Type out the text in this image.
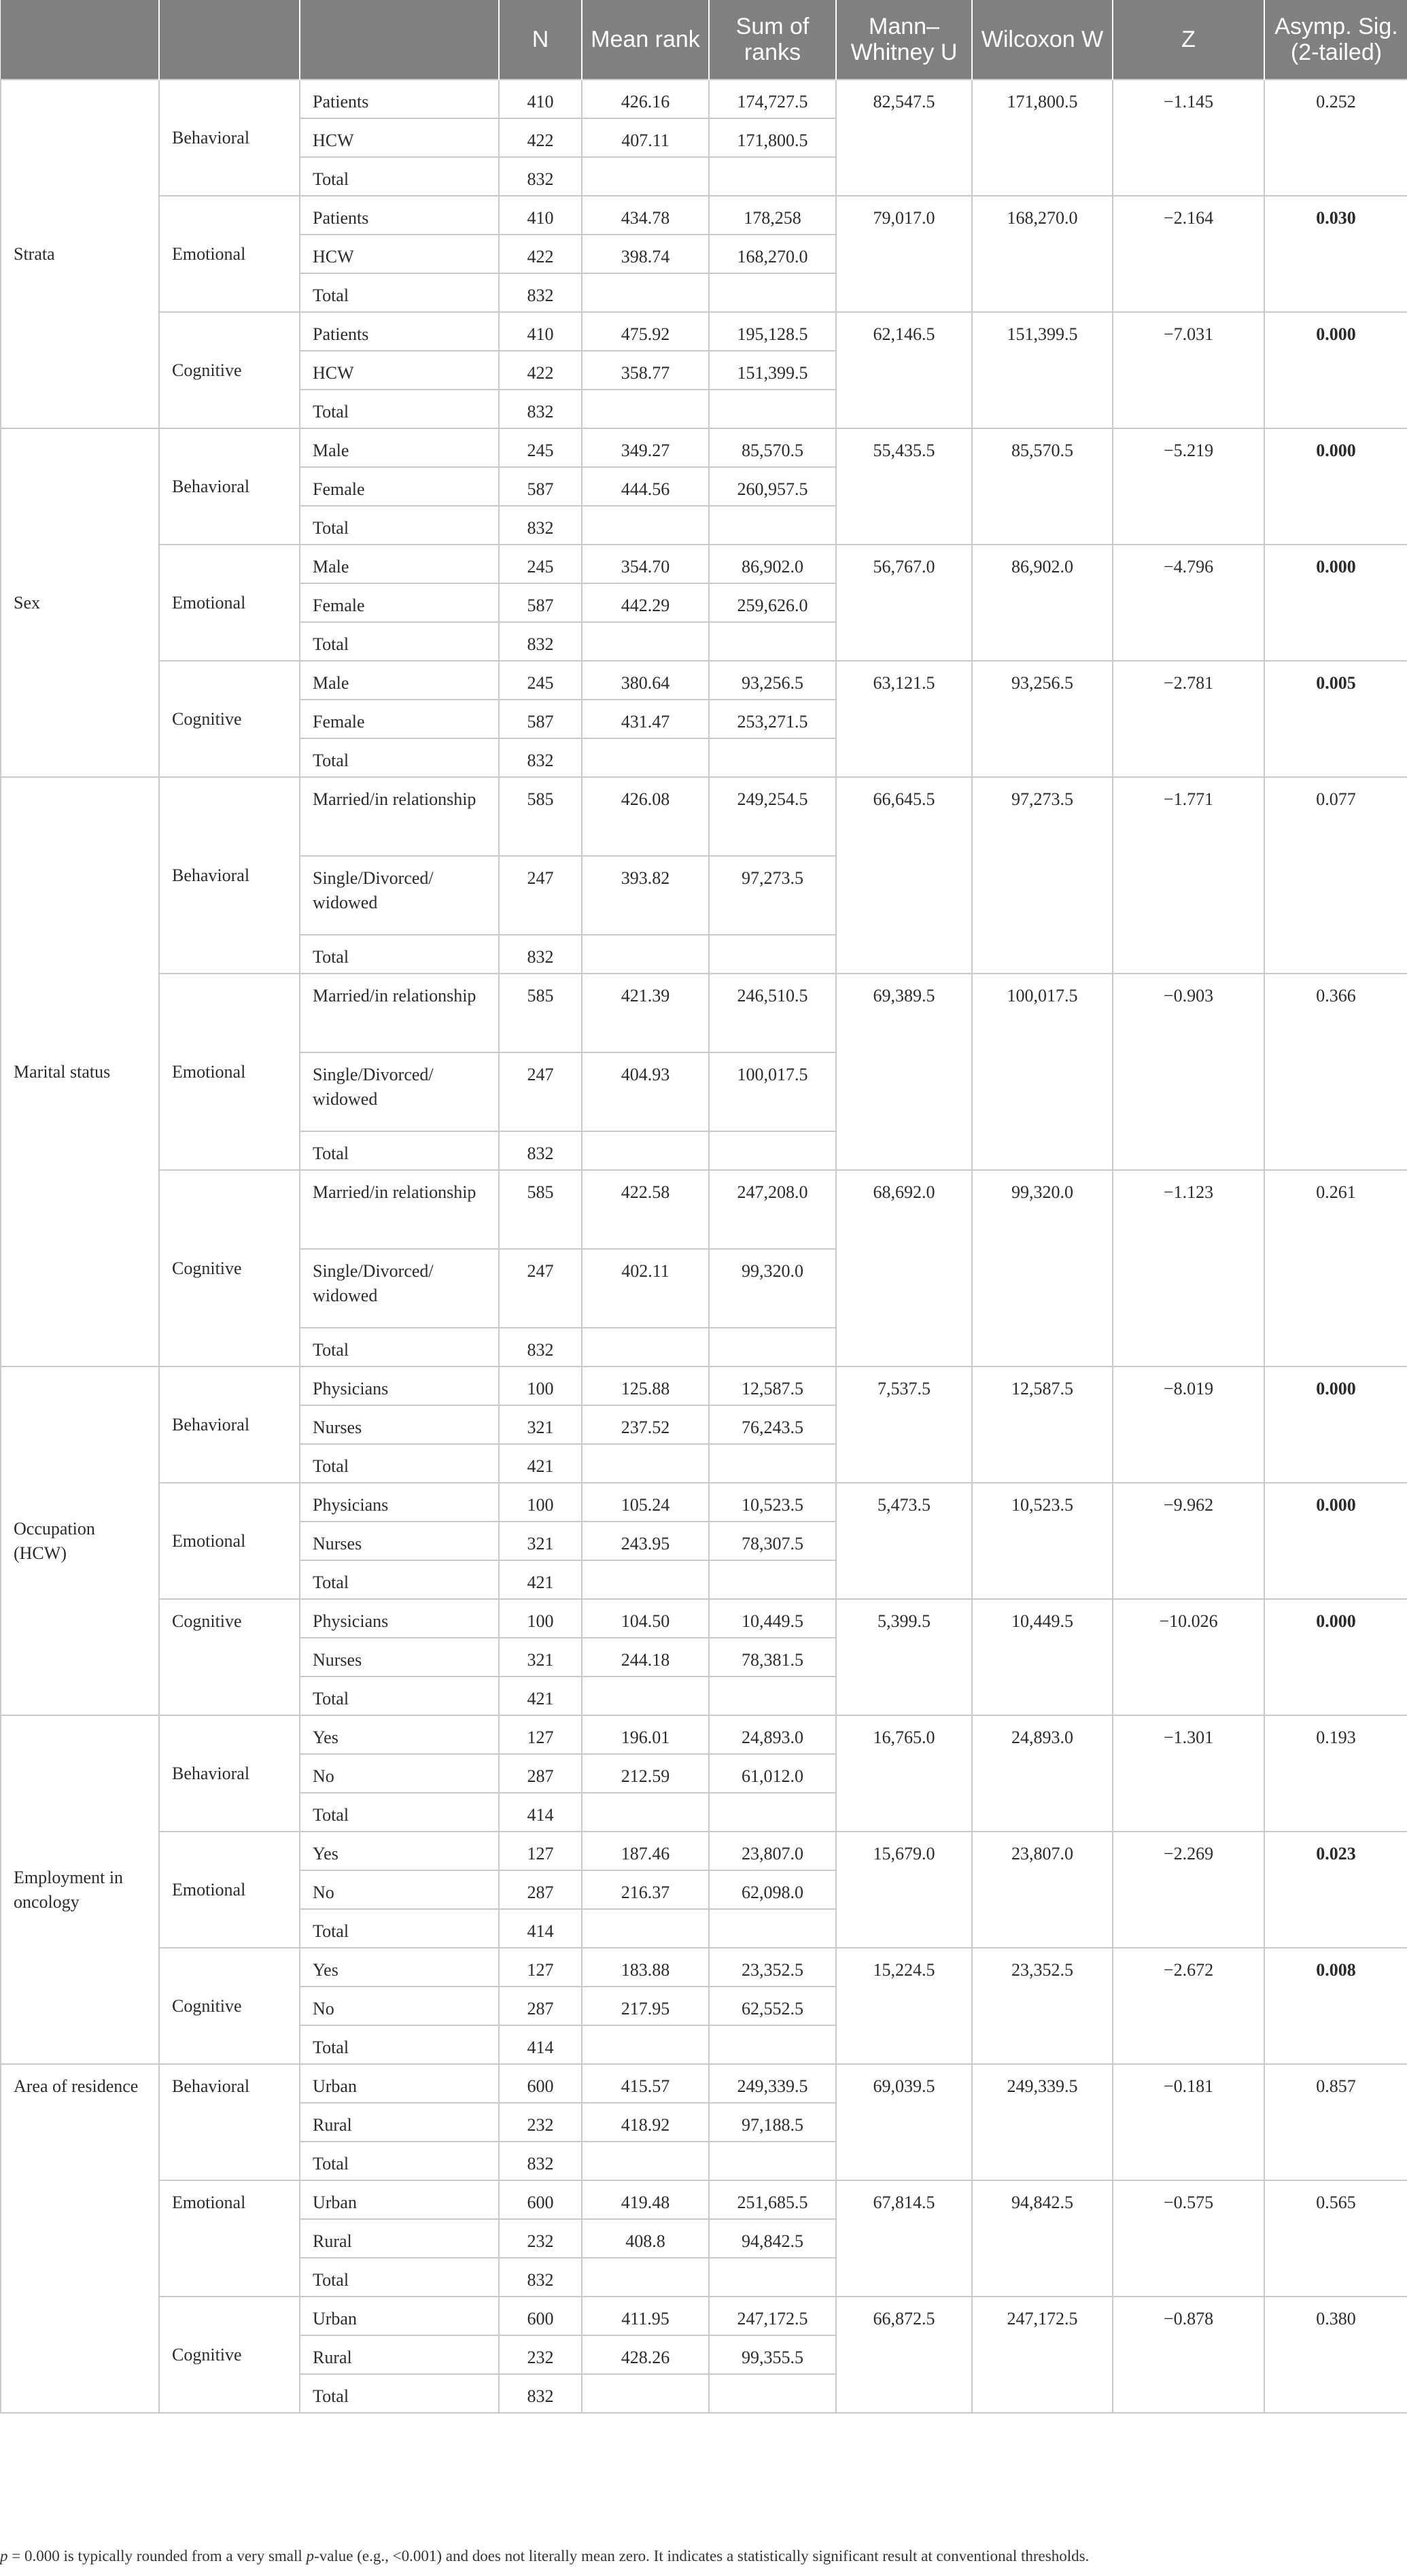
			N	Mean rank	Sum of ranks	Mann–Whitney U	Wilcoxon W	Z	Asymp. Sig. (2-tailed)
Strata	Behavioral	Patients	410	426.16	174,727.5	82,547.5	171,800.5	−1.145	0.252
		HCW	422	407.11	171,800.5				
		Total	832						
	Emotional	Patients	410	434.78	178,258	79,017.0	168,270.0	−2.164	0.030
		HCW	422	398.74	168,270.0				
		Total	832						
	Cognitive	Patients	410	475.92	195,128.5	62,146.5	151,399.5	−7.031	0.000
		HCW	422	358.77	151,399.5				
		Total	832						
Sex	Behavioral	Male	245	349.27	85,570.5	55,435.5	85,570.5	−5.219	0.000
		Female	587	444.56	260,957.5				
		Total	832						
	Emotional	Male	245	354.70	86,902.0	56,767.0	86,902.0	−4.796	0.000
		Female	587	442.29	259,626.0				
		Total	832						
	Cognitive	Male	245	380.64	93,256.5	63,121.5	93,256.5	−2.781	0.005
		Female	587	431.47	253,271.5				
		Total	832						
Marital status	Behavioral	Married/in relationship	585	426.08	249,254.5	66,645.5	97,273.5	−1.771	0.077
		Single/Divorced/ widowed	247	393.82	97,273.5				
		Total	832						
	Emotional	Married/in relationship	585	421.39	246,510.5	69,389.5	100,017.5	−0.903	0.366
		Single/Divorced/ widowed	247	404.93	100,017.5				
		Total	832						
	Cognitive	Married/in relationship	585	422.58	247,208.0	68,692.0	99,320.0	−1.123	0.261
		Single/Divorced/ widowed	247	402.11	99,320.0				
		Total	832						
Occupation (HCW)	Behavioral	Physicians	100	125.88	12,587.5	7,537.5	12,587.5	−8.019	0.000
		Nurses	321	237.52	76,243.5				
		Total	421						
	Emotional	Physicians	100	105.24	10,523.5	5,473.5	10,523.5	−9.962	0.000
		Nurses	321	243.95	78,307.5				
		Total	421						
	Cognitive	Physicians	100	104.50	10,449.5	5,399.5	10,449.5	−10.026	0.000
		Nurses	321	244.18	78,381.5				
		Total	421						
Employment in oncology	Behavioral	Yes	127	196.01	24,893.0	16,765.0	24,893.0	−1.301	0.193
		No	287	212.59	61,012.0				
		Total	414						
	Emotional	Yes	127	187.46	23,807.0	15,679.0	23,807.0	−2.269	0.023
		No	287	216.37	62,098.0				
		Total	414						
	Cognitive	Yes	127	183.88	23,352.5	15,224.5	23,352.5	−2.672	0.008
		No	287	217.95	62,552.5				
		Total	414						
Area of residence	Behavioral	Urban	600	415.57	249,339.5	69,039.5	249,339.5	−0.181	0.857
		Rural	232	418.92	97,188.5				
		Total	832						
	Emotional	Urban	600	419.48	251,685.5	67,814.5	94,842.5	−0.575	0.565
		Rural	232	408.8	94,842.5				
		Total	832						
	Cognitive	Urban	600	411.95	247,172.5	66,872.5	247,172.5	−0.878	0.380
		Rural	232	428.26	99,355.5				
		Total	832						
p = 0.000 is typically rounded from a very small p-value (e.g., <0.001) and does not literally mean zero. It indicates a statistically significant result at conventional thresholds.
